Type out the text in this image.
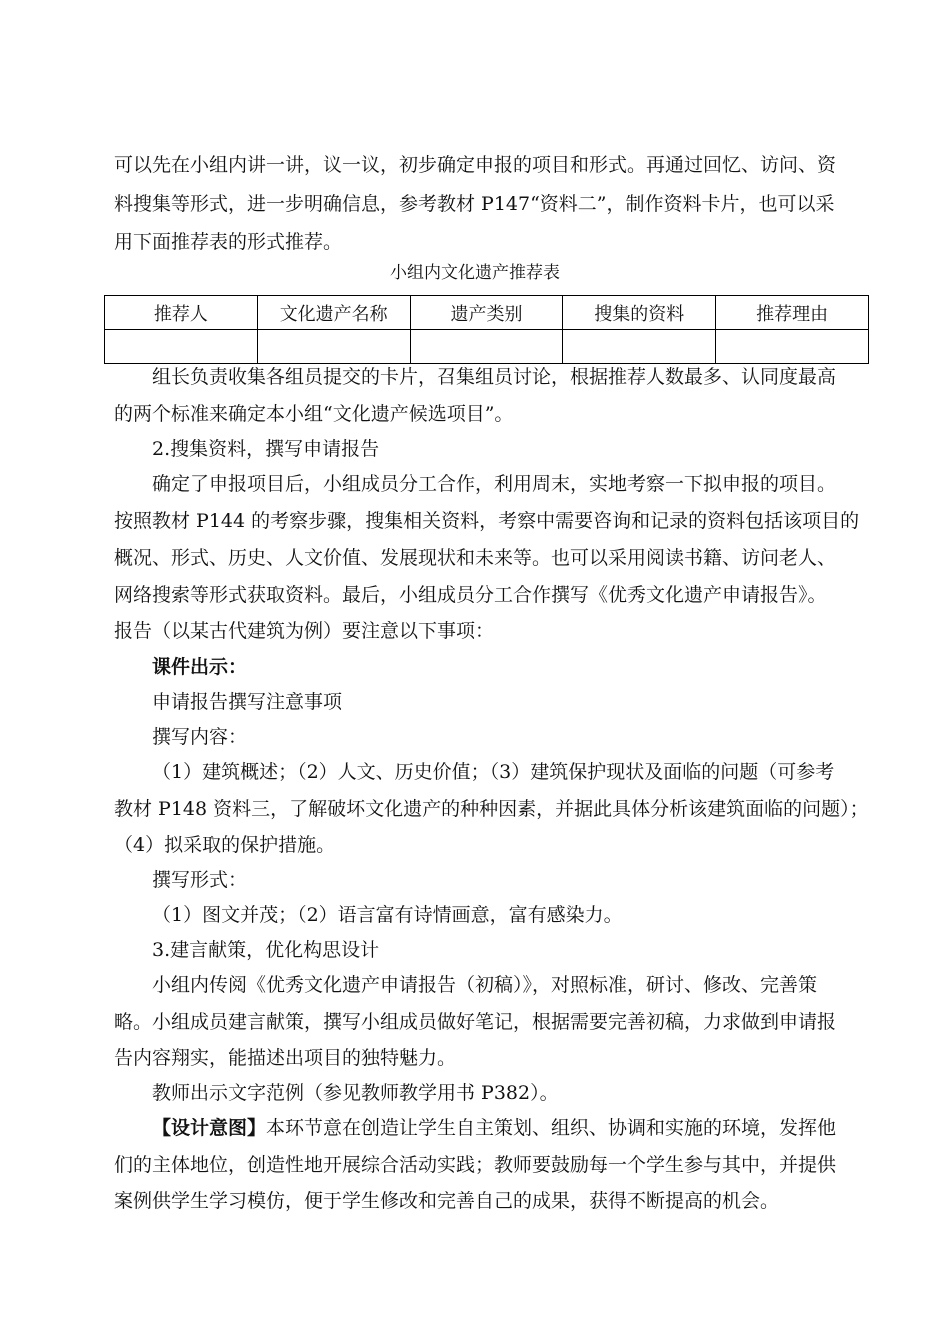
可以先在小组内讲一讲，议一议，初步确定申报的项目和形式。再通过回忆、访问、资
料搜集等形式，进一步明确信息，参考教材 P147“资料二”，制作资料卡片，也可以采
用下面推荐表的形式推荐。
小组内文化遗产推荐表
推荐人	文化遗产名称	遗产类别	搜集的资料	推荐理由

组长负责收集各组员提交的卡片，召集组员讨论，根据推荐人数最多、认同度最高
的两个标准来确定本小组“文化遗产候选项目”。
2.搜集资料，撰写申请报告
确定了申报项目后，小组成员分工合作，利用周末，实地考察一下拟申报的项目。
按照教材 P144 的考察步骤，搜集相关资料，考察中需要咨询和记录的资料包括该项目的
概况、形式、历史、人文价值、发展现状和未来等。也可以采用阅读书籍、访问老人、
网络搜索等形式获取资料。最后，小组成员分工合作撰写《优秀文化遗产申请报告》。
报告（以某古代建筑为例）要注意以下事项：
课件出示：
申请报告撰写注意事项
撰写内容：
（1）建筑概述；（2）人文、历史价值；（3）建筑保护现状及面临的问题（可参考
教材 P148 资料三，了解破坏文化遗产的种种因素，并据此具体分析该建筑面临的问题）；
（4）拟采取的保护措施。
撰写形式：
（1）图文并茂；（2）语言富有诗情画意，富有感染力。
3.建言献策，优化构思设计
小组内传阅《优秀文化遗产申请报告（初稿）》，对照标准，研讨、修改、完善策
略。小组成员建言献策，撰写小组成员做好笔记，根据需要完善初稿，力求做到申请报
告内容翔实，能描述出项目的独特魅力。
教师出示文字范例（参见教师教学用书 P382）。
【设计意图】本环节意在创造让学生自主策划、组织、协调和实施的环境，发挥他
们的主体地位，创造性地开展综合活动实践；教师要鼓励每一个学生参与其中，并提供
案例供学生学习模仿，便于学生修改和完善自己的成果，获得不断提高的机会。
